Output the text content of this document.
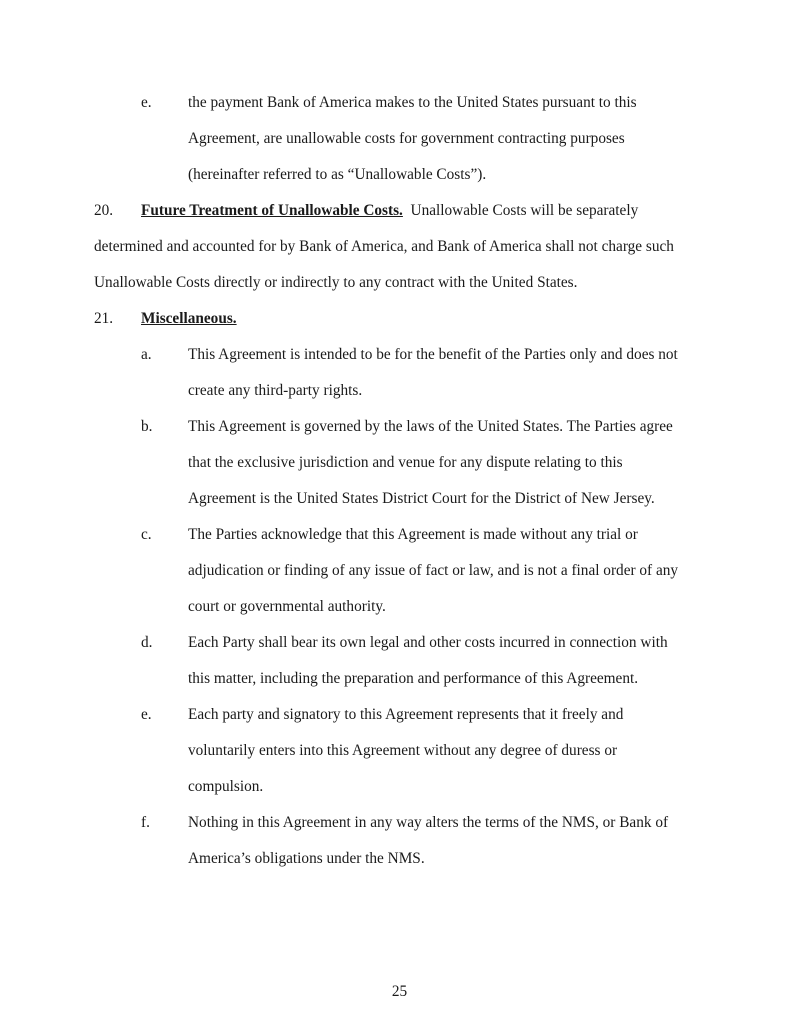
e. the payment Bank of America makes to the United States pursuant to this
Agreement, are unallowable costs for government contracting purposes
(hereinafter referred to as “Unallowable Costs”).
20. Future Treatment of Unallowable Costs. Unallowable Costs will be separately
determined and accounted for by Bank of America, and Bank of America shall not charge such
Unallowable Costs directly or indirectly to any contract with the United States.
21. Miscellaneous.
a. This Agreement is intended to be for the benefit of the Parties only and does not
create any third-party rights.
b. This Agreement is governed by the laws of the United States. The Parties agree
that the exclusive jurisdiction and venue for any dispute relating to this
Agreement is the United States District Court for the District of New Jersey.
c. The Parties acknowledge that this Agreement is made without any trial or
adjudication or finding of any issue of fact or law, and is not a final order of any
court or governmental authority.
d. Each Party shall bear its own legal and other costs incurred in connection with
this matter, including the preparation and performance of this Agreement.
e. Each party and signatory to this Agreement represents that it freely and
voluntarily enters into this Agreement without any degree of duress or
compulsion.
f. Nothing in this Agreement in any way alters the terms of the NMS, or Bank of
America’s obligations under the NMS.
25
